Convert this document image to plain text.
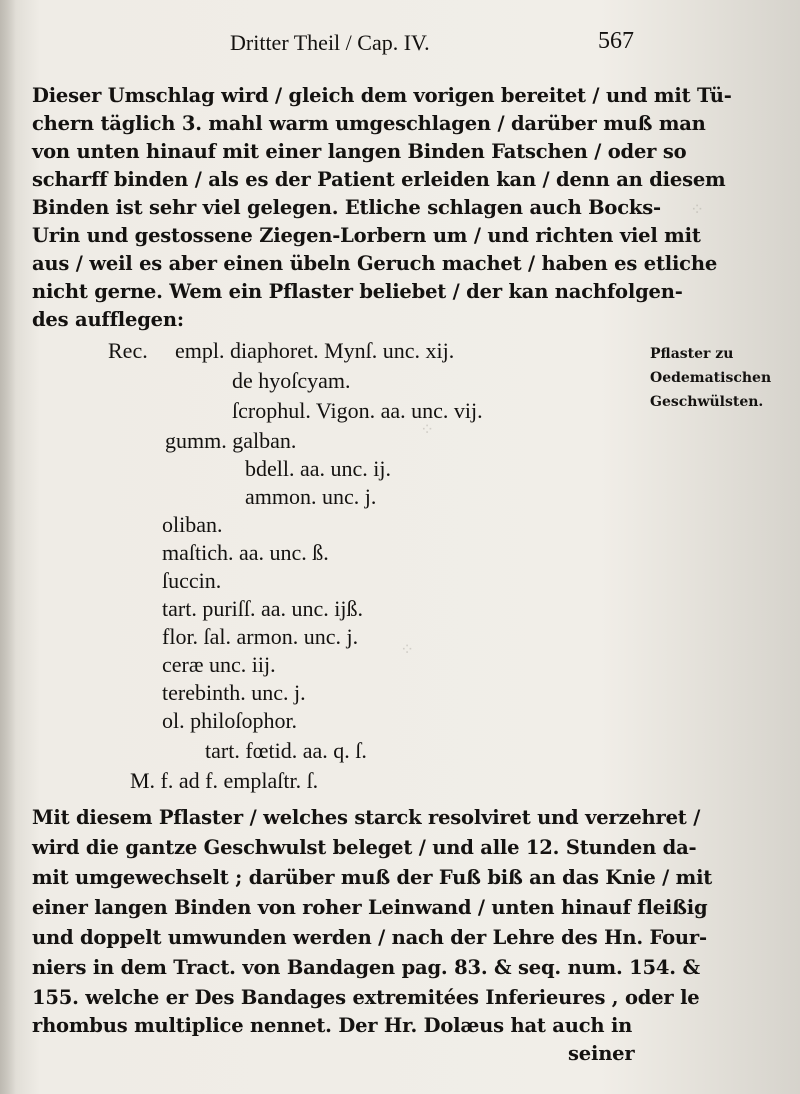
⁘
⁘
⁘
Dritter Theil / Cap. IV.	567
Dieser Umschlag wird / gleich dem vorigen bereitet / und mit Tü-
chern täglich 3. mahl warm umgeschlagen / darüber muß man
von unten hinauf mit einer langen Binden Fatschen / oder so
scharff binden / als es der Patient erleiden kan / denn an diesem
Binden ist sehr viel gelegen. Etliche schlagen auch Bocks-
Urin und gestossene Ziegen-Lorbern um / und richten viel mit
aus / weil es aber einen übeln Geruch machet / haben es etliche
nicht gerne. Wem ein Pflaster beliebet / der kan nachfolgen-
des aufflegen:
Pflaster zu Oedematischen Geschwülsten.
Rec. empl. diaphoret. Mynſ. unc. xij.
de hyoſcyam.
ſcrophul. Vigon. aa. unc. vij.
gumm. galban.
bdell. aa. unc. ij.
ammon. unc. j.
oliban.
maſtich. aa. unc. ß.
ſuccin.
tart. puriſſ. aa. unc. ijß.
flor. ſal. armon. unc. j.
ceræ unc. iij.
terebinth. unc. j.
ol. philoſophor.
tart. fœtid. aa. q. ſ.
M. f. ad f. emplaſtr. ſ.
Mit diesem Pflaster / welches starck resolviret und verzehret /
wird die gantze Geschwulst beleget / und alle 12. Stunden da-
mit umgewechselt ; darüber muß der Fuß biß an das Knie / mit
einer langen Binden von roher Leinwand / unten hinauf fleißig
und doppelt umwunden werden / nach der Lehre des Hn. Four-
niers in dem Tract. von Bandagen pag. 83. & seq. num. 154. &
155. welche er Des Bandages extremitées Inferieures , oder le
rhombus multiplice nennet. Der Hr. Dolæus hat auch in
seiner
